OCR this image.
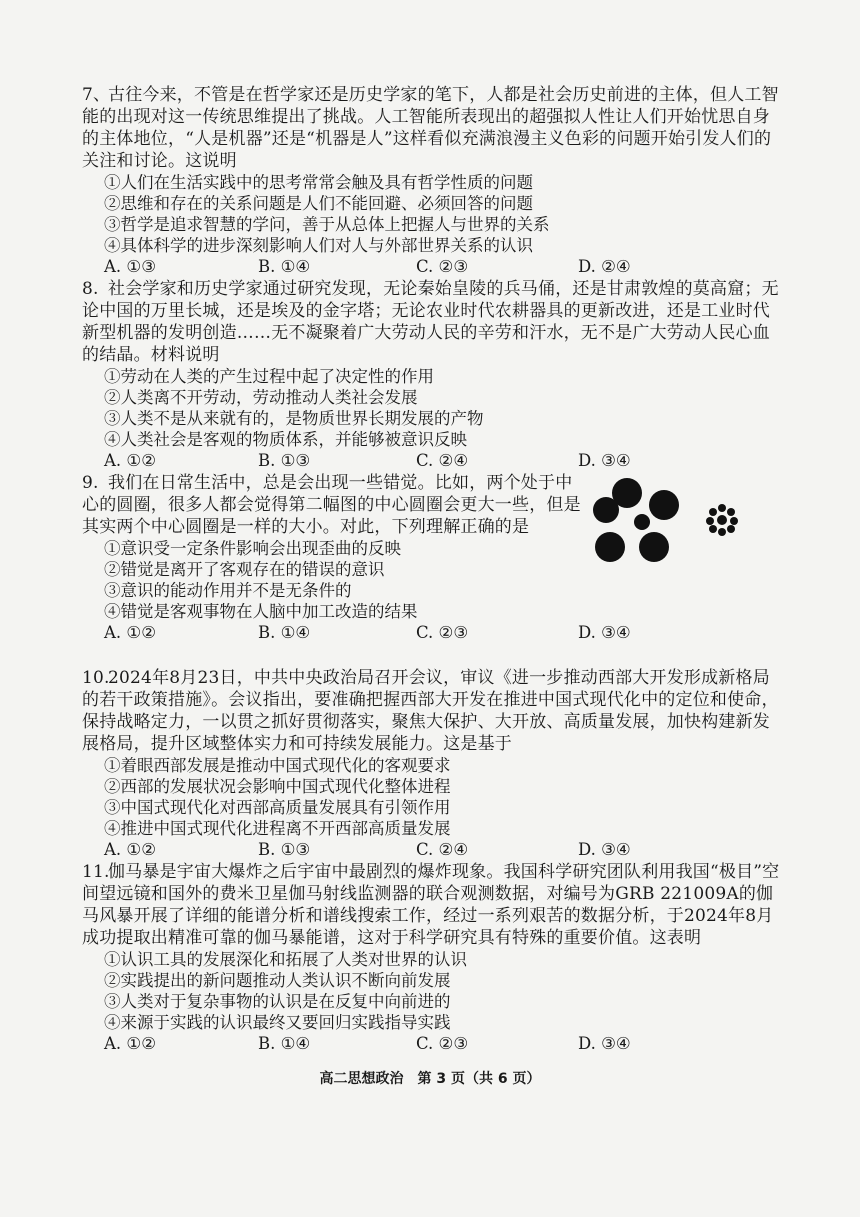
7、古往今来，不管是在哲学家还是历史学家的笔下，人都是社会历史前进的主体，但人工智能的出现对这一传统思维提出了挑战。人工智能所表现出的超强拟人性让人们开始忧思自身的主体地位，“人是机器”还是“机器是人”这样看似充满浪漫主义色彩的问题开始引发人们的关注和讨论。这说明
①人们在生活实践中的思考常常会触及具有哲学性质的问题
②思维和存在的关系问题是人们不能回避、必须回答的问题
③哲学是追求智慧的学问，善于从总体上把握人与世界的关系
④具体科学的进步深刻影响人们对人与外部世界关系的认识
A. ①③	B. ①④	C. ②③	D. ②④
8. 社会学家和历史学家通过研究发现，无论秦始皇陵的兵马俑，还是甘肃敦煌的莫高窟；无论中国的万里长城，还是埃及的金字塔；无论农业时代农耕器具的更新改进，还是工业时代新型机器的发明创造……无不凝聚着广大劳动人民的辛劳和汗水，无不是广大劳动人民心血的结晶。材料说明
①劳动在人类的产生过程中起了决定性的作用
②人类离不开劳动，劳动推动人类社会发展
③人类不是从来就有的，是物质世界长期发展的产物
④人类社会是客观的物质体系，并能够被意识反映
A. ①②	B. ①③	C. ②④	D. ③④
9. 我们在日常生活中，总是会出现一些错觉。比如，两个处于中心的圆圈，很多人都会觉得第二幅图的中心圆圈会更大一些，但是其实两个中心圆圈是一样的大小。对此，下列理解正确的是
①意识受一定条件影响会出现歪曲的反映
②错觉是离开了客观存在的错误的意识
③意识的能动作用并不是无条件的
④错觉是客观事物在人脑中加工改造的结果
A. ①②	B. ①④	C. ②③	D. ③④
10.2024年8月23日，中共中央政治局召开会议，审议《进一步推动西部大开发形成新格局的若干政策措施》。会议指出，要准确把握西部大开发在推进中国式现代化中的定位和使命，保持战略定力，一以贯之抓好贯彻落实，聚焦大保护、大开放、高质量发展，加快构建新发展格局，提升区域整体实力和可持续发展能力。这是基于
①着眼西部发展是推动中国式现代化的客观要求
②西部的发展状况会影响中国式现代化整体进程
③中国式现代化对西部高质量发展具有引领作用
④推进中国式现代化进程离不开西部高质量发展
A. ①②	B. ①③	C. ②④	D. ③④
11.伽马暴是宇宙大爆炸之后宇宙中最剧烈的爆炸现象。我国科学研究团队利用我国“极目”空间望远镜和国外的费米卫星伽马射线监测器的联合观测数据，对编号为GRB 221009A的伽马风暴开展了详细的能谱分析和谱线搜索工作，经过一系列艰苦的数据分析，于2024年8月成功提取出精准可靠的伽马暴能谱，这对于科学研究具有特殊的重要价值。这表明
①认识工具的发展深化和拓展了人类对世界的认识
②实践提出的新问题推动人类认识不断向前发展
③人类对于复杂事物的认识是在反复中向前进的
④来源于实践的认识最终又要回归实践指导实践
A. ①②	B. ①④	C. ②③	D. ③④
高二思想政治　第 3 页（共 6 页）
